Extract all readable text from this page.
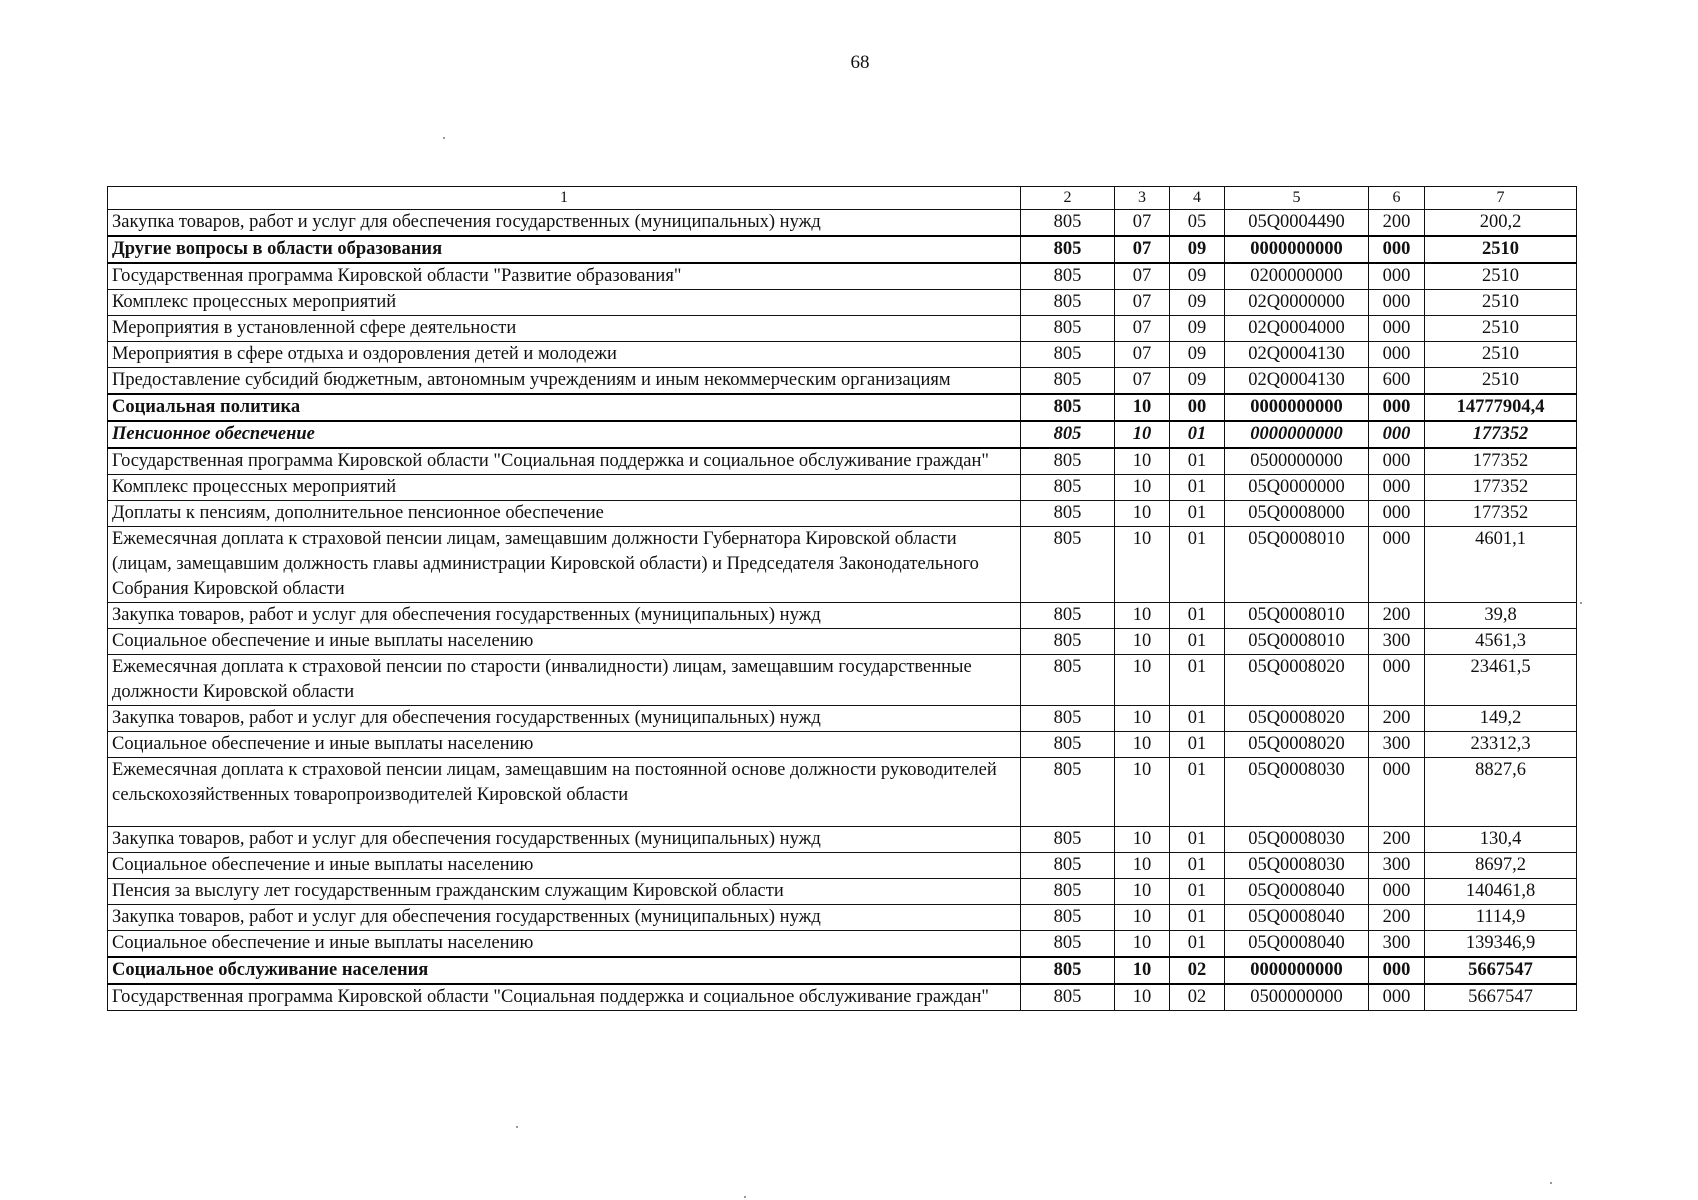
68
1	2	3	4	5	6	7
Закупка товаров, работ и услуг для обеспечения государственных (муниципальных) нужд	805	07	05	05Q0004490	200	200,2
Другие вопросы в области образования	805	07	09	0000000000	000	2510
Государственная программа Кировской области "Развитие образования"	805	07	09	0200000000	000	2510
Комплекс процессных мероприятий	805	07	09	02Q0000000	000	2510
Мероприятия в установленной сфере деятельности	805	07	09	02Q0004000	000	2510
Мероприятия в сфере отдыха и оздоровления детей и молодежи	805	07	09	02Q0004130	000	2510
Предоставление субсидий бюджетным, автономным учреждениям и иным некоммерческим организациям	805	07	09	02Q0004130	600	2510
Социальная политика	805	10	00	0000000000	000	14777904,4
Пенсионное обеспечение	805	10	01	0000000000	000	177352
Государственная программа Кировской области "Социальная поддержка и социальное обслуживание граждан"	805	10	01	0500000000	000	177352
Комплекс процессных мероприятий	805	10	01	05Q0000000	000	177352
Доплаты к пенсиям, дополнительное пенсионное обеспечение	805	10	01	05Q0008000	000	177352
Ежемесячная доплата к страховой пенсии лицам, замещавшим должности Губернатора Кировской области (лицам, замещавшим должность главы администрации Кировской области) и Председателя Законодательного Собрания Кировской области	805	10	01	05Q0008010	000	4601,1
Закупка товаров, работ и услуг для обеспечения государственных (муниципальных) нужд	805	10	01	05Q0008010	200	39,8
Социальное обеспечение и иные выплаты населению	805	10	01	05Q0008010	300	4561,3
Ежемесячная доплата к страховой пенсии по старости (инвалидности) лицам, замещавшим государственные должности Кировской области	805	10	01	05Q0008020	000	23461,5
Закупка товаров, работ и услуг для обеспечения государственных (муниципальных) нужд	805	10	01	05Q0008020	200	149,2
Социальное обеспечение и иные выплаты населению	805	10	01	05Q0008020	300	23312,3
Ежемесячная доплата к страховой пенсии лицам, замещавшим на постоянной основе должности руководителей сельскохозяйственных товаропроизводителей Кировской области	805	10	01	05Q0008030	000	8827,6
Закупка товаров, работ и услуг для обеспечения государственных (муниципальных) нужд	805	10	01	05Q0008030	200	130,4
Социальное обеспечение и иные выплаты населению	805	10	01	05Q0008030	300	8697,2
Пенсия за выслугу лет государственным гражданским служащим Кировской области	805	10	01	05Q0008040	000	140461,8
Закупка товаров, работ и услуг для обеспечения государственных (муниципальных) нужд	805	10	01	05Q0008040	200	1114,9
Социальное обеспечение и иные выплаты населению	805	10	01	05Q0008040	300	139346,9
Социальное обслуживание населения	805	10	02	0000000000	000	5667547
Государственная программа Кировской области "Социальная поддержка и социальное обслуживание граждан"	805	10	02	0500000000	000	5667547
